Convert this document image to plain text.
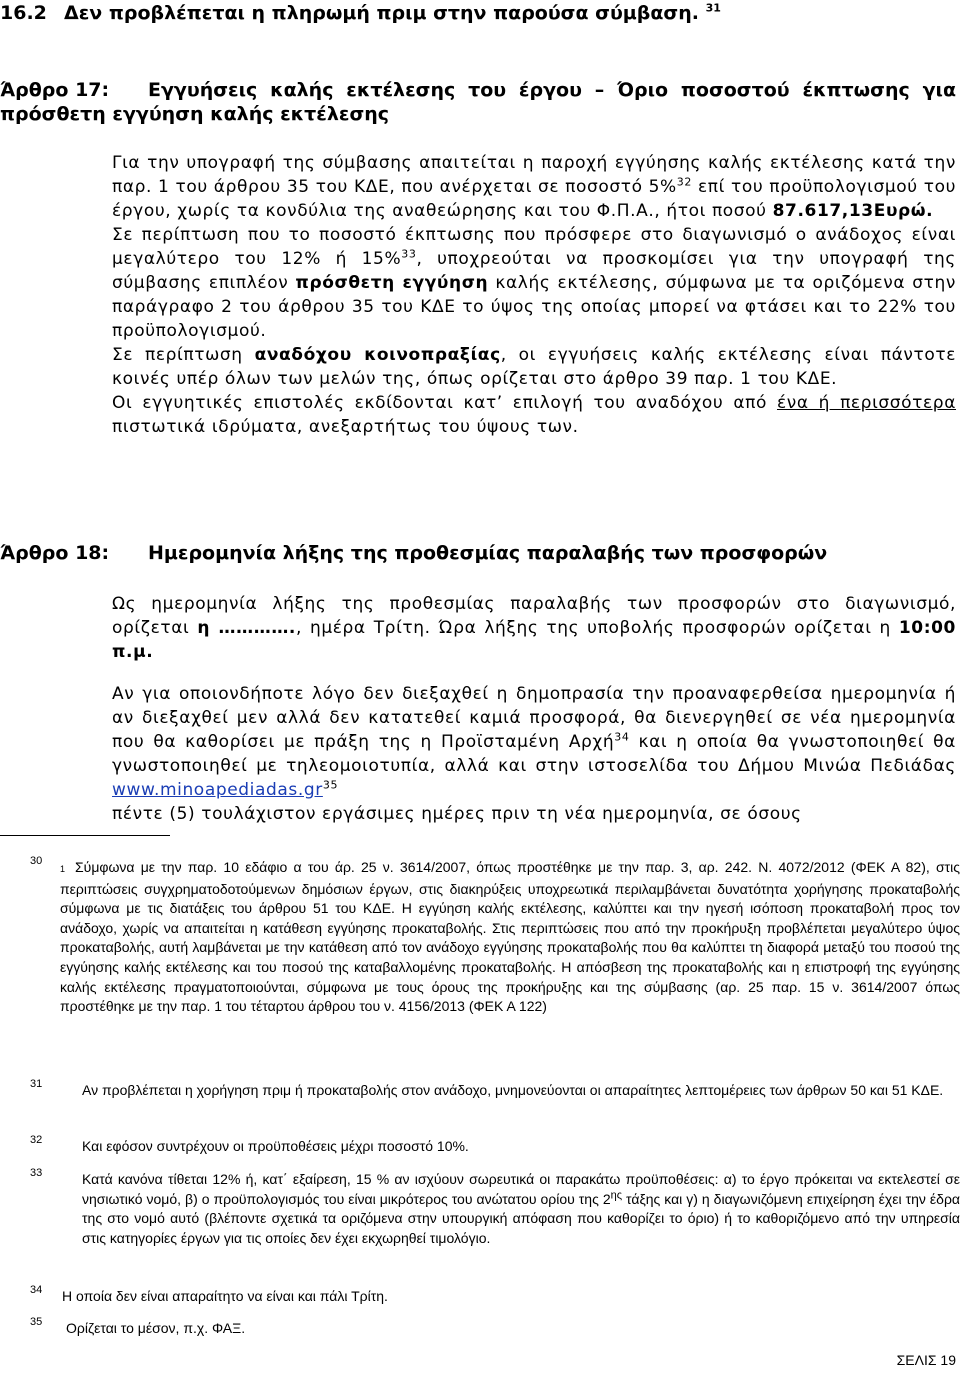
16.2 Δεν προβλέπεται η πληρωμή πριμ στην παρούσα σύμβαση. $^{31}$
Άρθρο 17: Εγγυήσεις καλής εκτέλεσης του έργου – Όριο ποσοστού έκπτωσης για πρόσθετη εγγύηση καλής εκτέλεσης

Για την υπογραφή της σύμβασης απαιτείται η παροχή εγγύησης καλής εκτέλεσης κατά την παρ. 1 του άρθρου 35 του ΚΔΕ, που ανέρχεται σε ποσοστό 5%$^{32}$ επί του προϋπολογισμού του έργου, χωρίς τα κονδύλια της αναθεώρησης και του Φ.Π.Α., ήτοι ποσού 87.617,13Ευρώ.

Σε περίπτωση που το ποσοστό έκπτωσης που πρόσφερε στο διαγωνισμό ο ανάδοχος είναι μεγαλύτερο του 12% ή 15%$^{33}$, υποχρεούται να προσκομίσει για την υπογραφή της σύμβασης επιπλέον πρόσθετη εγγύηση καλής εκτέλεσης, σύμφωνα με τα οριζόμενα στην παράγραφο 2 του άρθρου 35 του ΚΔΕ το ύψος της οποίας μπορεί να φτάσει και το 22% του προϋπολογισμού.

Σε περίπτωση αναδόχου κοινοπραξίας, οι εγγυήσεις καλής εκτέλεσης είναι πάντοτε κοινές υπέρ όλων των μελών της, όπως ορίζεται στο άρθρο 39 παρ. 1 του ΚΔΕ.

Οι εγγυητικές επιστολές εκδίδονται κατ’ επιλογή του αναδόχου από ένα ή περισσότερα πιστωτικά ιδρύματα, ανεξαρτήτως του ύψους των.

Άρθρο 18: Ημερομηνία λήξης της προθεσμίας παραλαβής των προσφορών

Ως ημερομηνία λήξης της προθεσμίας παραλαβής των προσφορών στο διαγωνισμό, ορίζεται η …………., ημέρα Τρίτη. Ώρα λήξης της υποβολής προσφορών ορίζεται η 10:00 π.μ.

Αν για οποιονδήποτε λόγο δεν διεξαχθεί η δημοπρασία την προαναφερθείσα ημερομηνία ή αν διεξαχθεί μεν αλλά δεν κατατεθεί καμιά προσφορά, θα διενεργηθεί σε νέα ημερομηνία που θα καθορίσει με πράξη της η Προϊσταμένη Αρχή$^{34}$ και η οποία θα γνωστοποιηθεί θα γνωστοποιηθεί με τηλεομοιοτυπία, αλλά και στην ιστοσελίδα του Δήμου Μινώα Πεδιάδας $www.minoapediadas.gr^{35}$
πέντε (5) τουλάχιστον εργάσιμες ημέρες πριν τη νέα ημερομηνία, σε όσους

30
1 Σύμφωνα με την παρ. 10 εδάφιο α του άρ. 25 ν. 3614/2007, όπως προστέθηκε με την παρ. 3, αρ. 242. Ν. 4072/2012 (ΦΕΚ Α 82), στις περιπτώσεις συγχρηματοδοτούμενων δημόσιων έργων, στις διακηρύξεις υποχρεωτικά περιλαμβάνεται δυνατότητα χορήγησης προκαταβολής σύμφωνα με τις διατάξεις του άρθρου 51 του ΚΔΕ. Η εγγύηση καλής εκτέλεσης, καλύπτει και την ηγεσή ισόποση προκαταβολή προς τον ανάδοχο, χωρίς να απαιτείται η κατάθεση εγγύησης προκαταβολής. Στις περιπτώσεις που από την προκήρυξη προβλέπεται μεγαλύτερο ύψος προκαταβολής, αυτή λαμβάνεται με την κατάθεση από τον ανάδοχο εγγύησης προκαταβολής που θα καλύπτει τη διαφορά μεταξύ του ποσού της εγγύησης καλής εκτέλεσης και του ποσού της καταβαλλομένης προκαταβολής. Η απόσβεση της προκαταβολής και η επιστροφή της εγγύησης καλής εκτέλεσης πραγματοποιούνται, σύμφωνα με τους όρους της προκήρυξης και της σύμβασης (αρ. 25 παρ. 15 ν. 3614/2007 όπως προστέθηκε με την παρ. 1 του τέταρτου άρθρου του ν. 4156/2013 (ΦΕΚ Α 122)
31	Αν προβλέπεται η χορήγηση πριμ ή προκαταβολής στον ανάδοχο, μνημονεύονται οι απαραίτητες λεπτομέρειες των άρθρων 50 και 51 ΚΔΕ.
32	Και εφόσον συντρέχουν οι προϋποθέσεις μέχρι ποσοστό 10%.
33	Κατά κανόνα τίθεται 12% ή, κατ΄ εξαίρεση, 15 % αν ισχύουν σωρευτικά οι παρακάτω προϋποθέσεις: α) το έργο πρόκειται να εκτελεστεί σε νησιωτικό νομό, β) ο προϋπολογισμός του είναι μικρότερος του ανώτατου ορίου της $2^{\eta\varsigma}$ τάξης και γ) η διαγωνιζόμενη επιχείρηση έχει την έδρα της στο νομό αυτό (βλέποντε σχετικά τα οριζόμενα στην υπουργική απόφαση που καθορίζει το όριο) ή το καθοριζόμενο από την υπηρεσία στις κατηγορίες έργων για τις οποίες δεν έχει εκχωρηθεί τιμολόγιο.
34 Η οποία δεν είναι απαραίτητο να είναι και πάλι Τρίτη.
35 Ορίζεται το μέσον, π.χ. ΦΑΞ.
ΣΕΛΙΣ 19
